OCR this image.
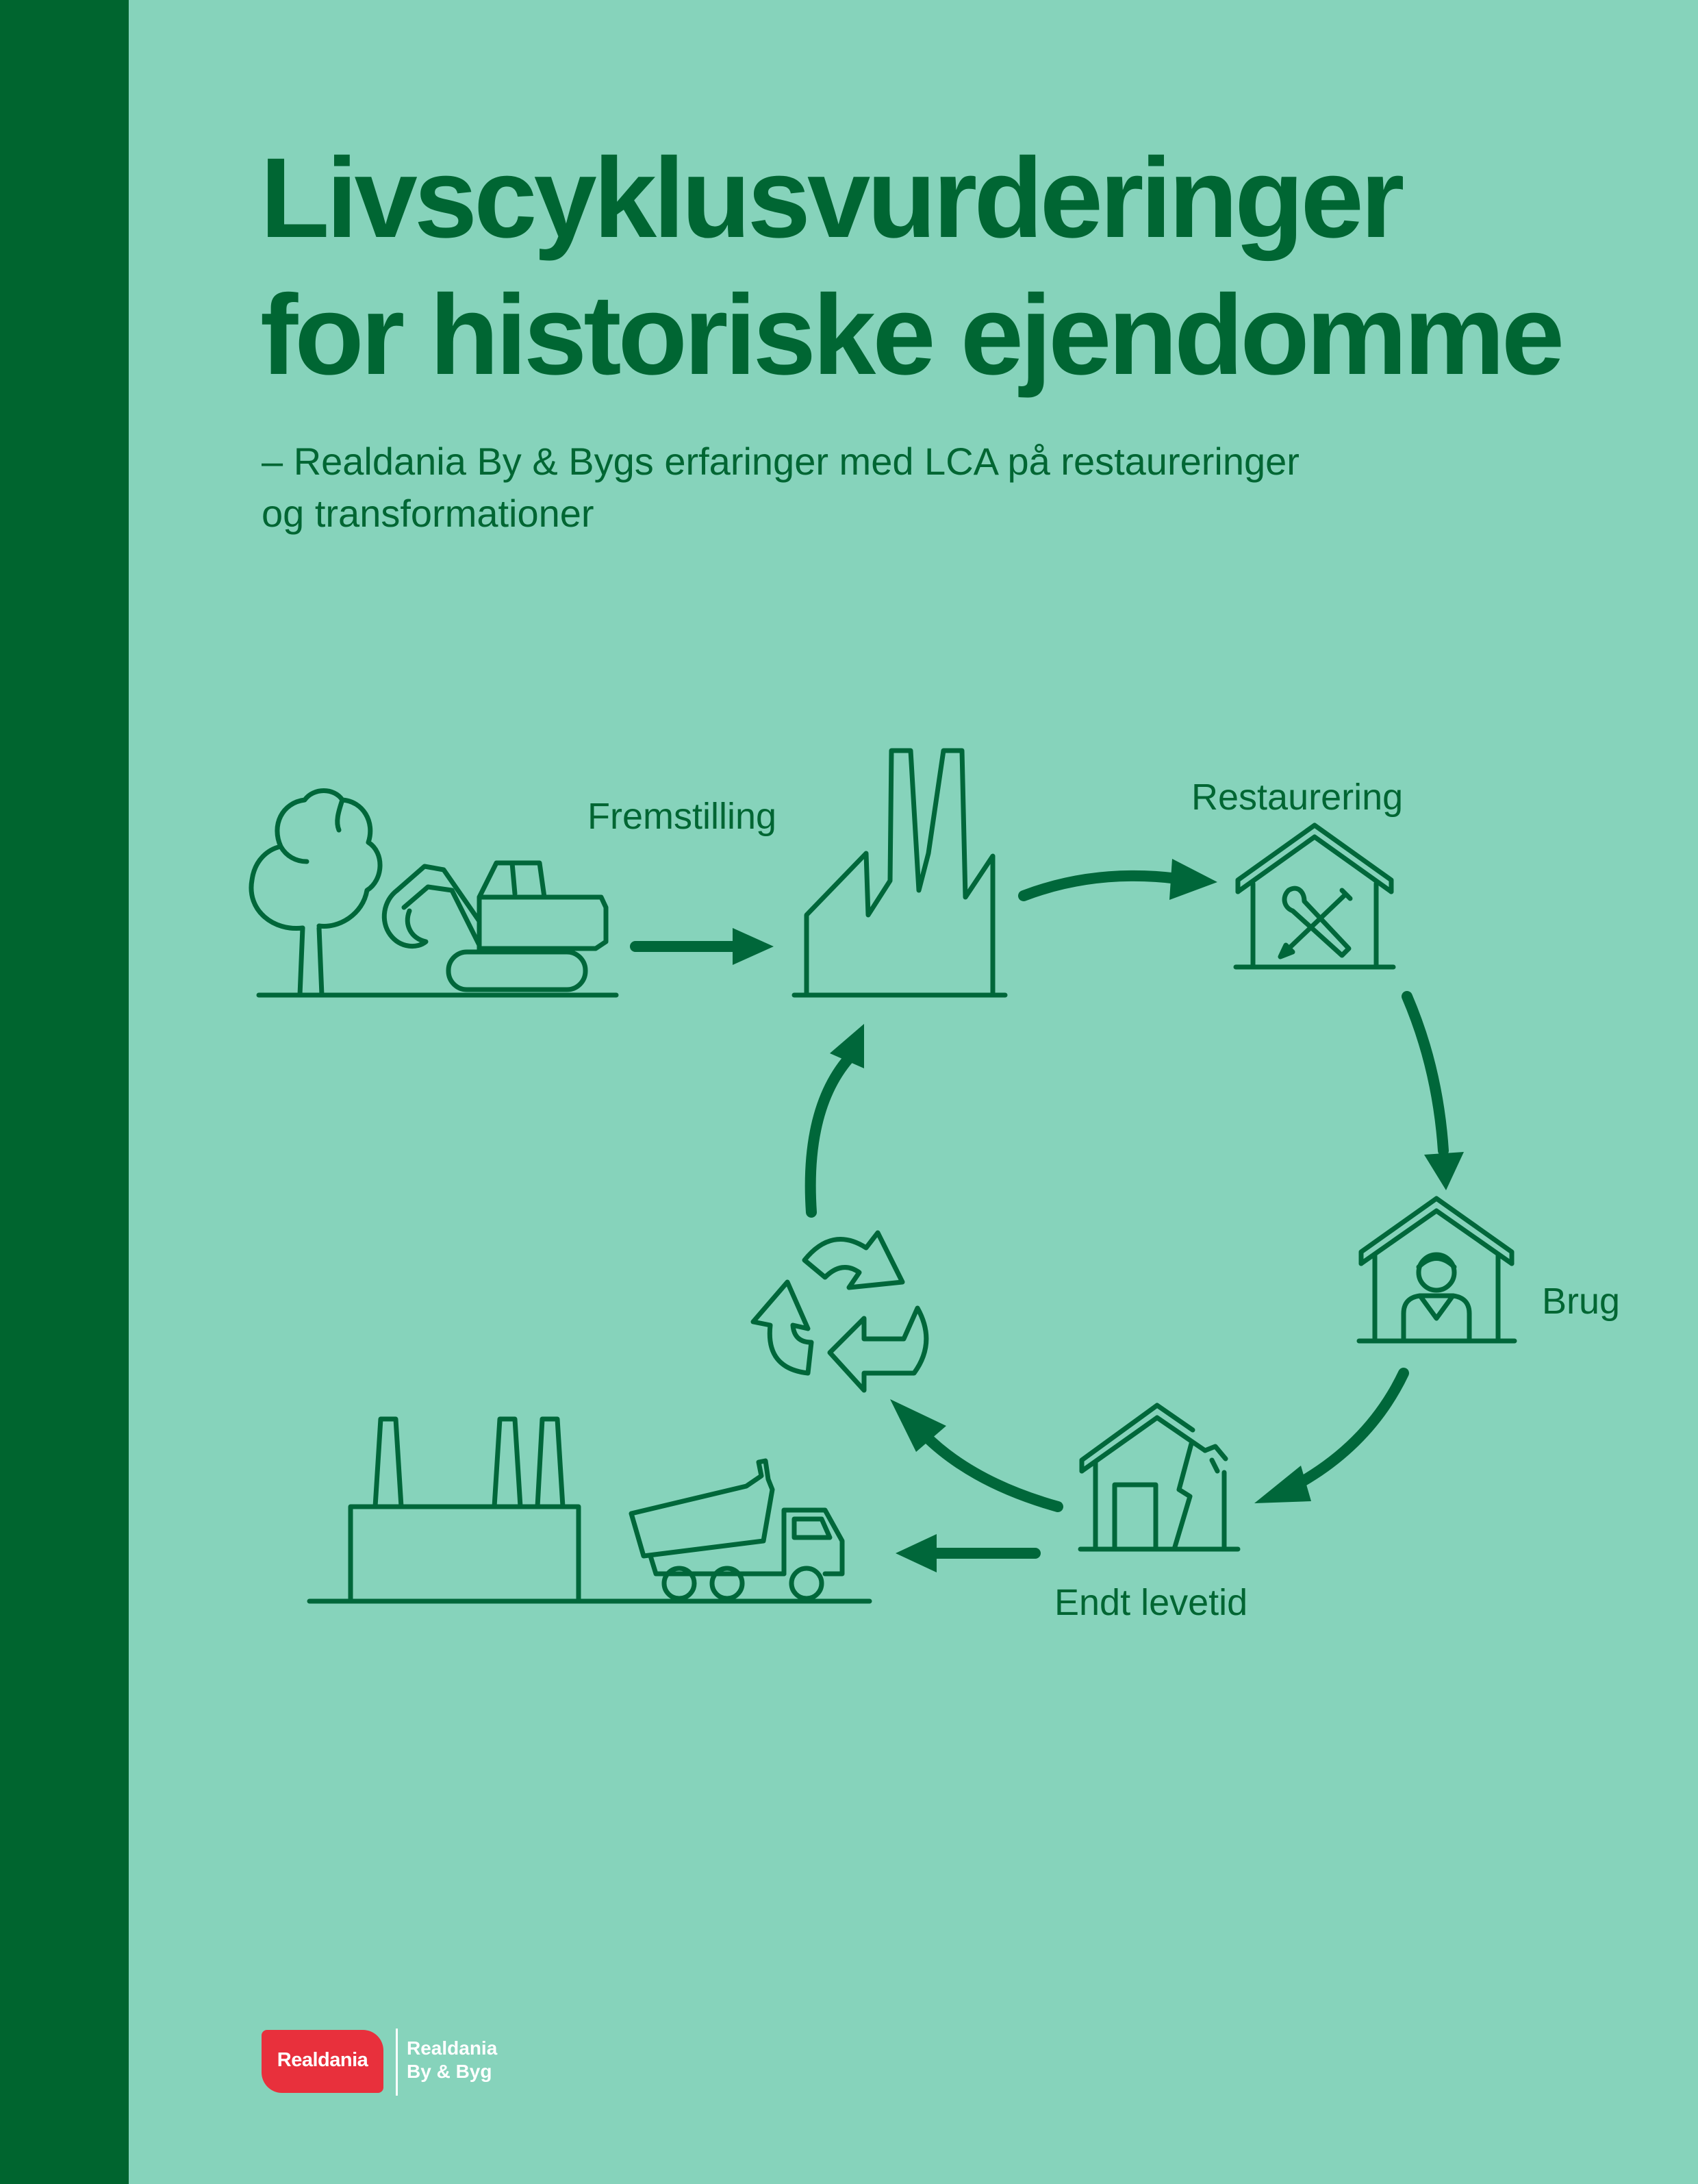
Livscyklusvurderinger
for historiske ejendomme

– Realdania By & Bygs erfaringer med LCA på restaureringer
og transformationer

Fremstilling	Restaurering
Brug
Endt levetid
Realdania
Realdania
By & Byg
